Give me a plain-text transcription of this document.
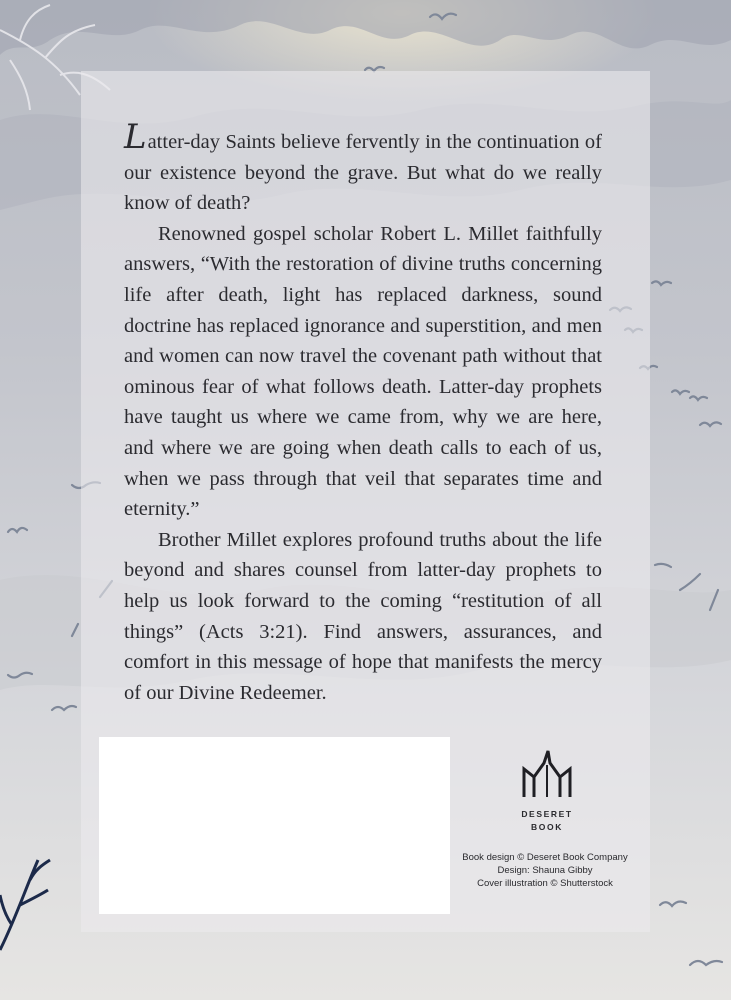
Latter-day Saints believe fervently in the continuation of our existence beyond the grave. But what do we really know of death?

Renowned gospel scholar Robert L. Millet faithfully answers, “With the restoration of divine truths concerning life after death, light has replaced darkness, sound doctrine has replaced ignorance and superstition, and men and women can now travel the covenant path without that ominous fear of what follows death. Latter-day prophets have taught us where we came from, why we are here, and where we are going when death calls to each of us, when we pass through that veil that separates time and eternity.”

Brother Millet explores profound truths about the life beyond and shares counsel from latter-day prophets to help us look forward to the coming “restitution of all things” (Acts 3:21). Find answers, assurances, and comfort in this message of hope that manifests the mercy of our Divine Redeemer.

DESERET
BOOK
Book design © Deseret Book Company
Design: Shauna Gibby
Cover illustration © Shutterstock
